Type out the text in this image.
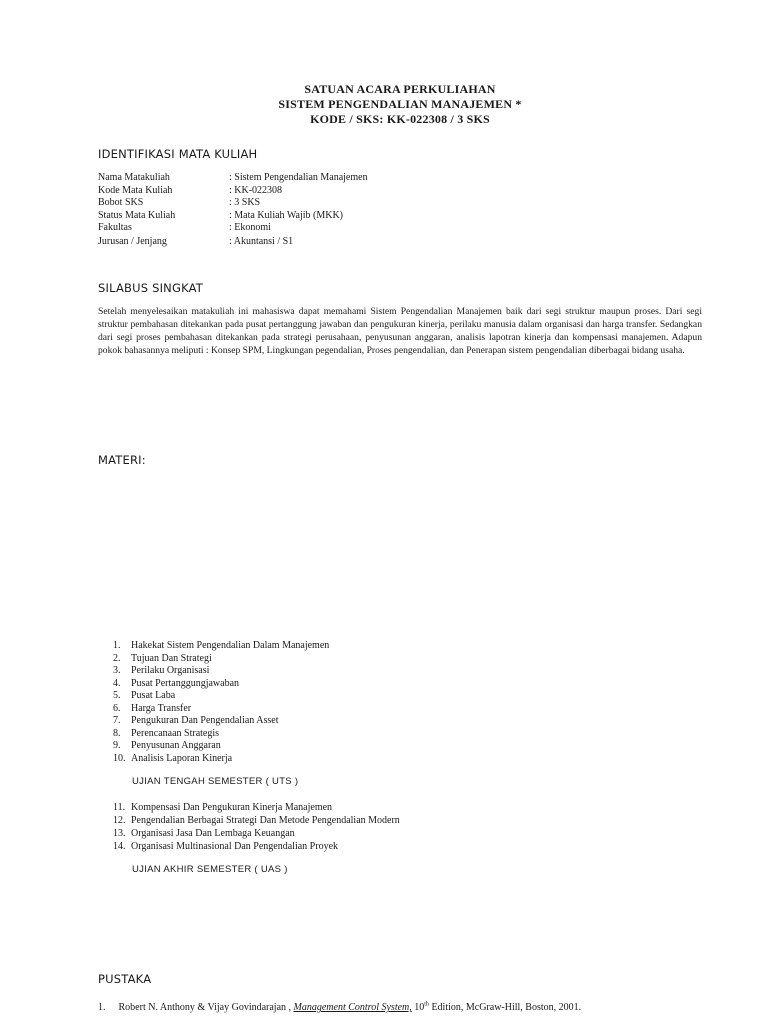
SATUAN ACARA PERKULIAHAN
SISTEM PENGENDALIAN MANAJEMEN *
KODE / SKS: KK-022308 / 3 SKS
IDENTIFIKASI MATA KULIAH
Nama Matakuliah	: Sistem Pengendalian Manajemen
Kode Mata Kuliah	: KK-022308
Bobot SKS	: 3 SKS
Status Mata Kuliah	: Mata Kuliah Wajib (MKK)
Fakultas	: Ekonomi
Jurusan / Jenjang	: Akuntansi / S1
SILABUS SINGKAT

Setelah menyelesaikan matakuliah ini mahasiswa dapat memahami Sistem Pengendalian Manajemen baik dari segi struktur maupun proses. Dari segi struktur pembahasan ditekankan pada pusat pertanggung jawaban dan pengukuran kinerja, perilaku manusia dalam organisasi dan harga transfer. Sedangkan dari segi proses pembahasan ditekankan pada strategi perusahaan, penyusunan anggaran, analisis lapotran kinerja dan kompensasi manajemen. Adapun pokok bahasannya meliputi : Konsep SPM, Lingkungan pegendalian, Proses pengendalian, dan Penerapan sistem pengendalian diberbagai bidang usaha.

MATERI:
1. Hakekat Sistem Pengendalian Dalam Manajemen
2. Tujuan Dan Strategi
3. Perilaku Organisasi
4. Pusat Pertanggungjawaban
5. Pusat Laba
6. Harga Transfer
7. Pengukuran Dan Pengendalian Asset
8. Perencanaan Strategis
9. Penyusunan Anggaran
10. Analisis Laporan Kinerja
UJIAN TENGAH SEMESTER ( UTS )
11. Kompensasi Dan Pengukuran Kinerja Manajemen
12. Pengendalian Berbagai Strategi Dan Metode Pengendalian Modern
13. Organisasi Jasa Dan Lembaga Keuangan
14. Organisasi Multinasional Dan Pengendalian Proyek
UJIAN AKHIR SEMESTER ( UAS )
PUSTAKA
1. Robert N. Anthony & Vijay Govindarajan , Management Control System, 10th Edition, McGraw-Hill, Boston, 2001.
